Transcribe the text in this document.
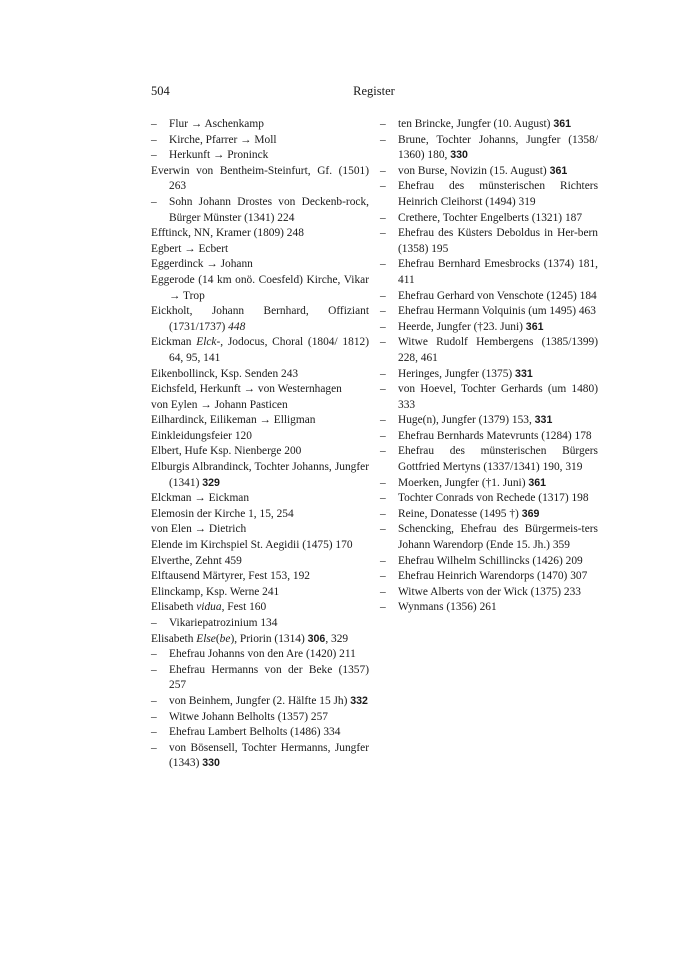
504	Register

– Flur → Aschenkamp

– Kirche, Pfarrer → Moll

– Herkunft → Proninck

Everwin von Bentheim-Steinfurt, Gf. (1501) 263

– Sohn Johann Drostes von Deckenb-rock, Bürger Münster (1341) 224

Efftinck, NN, Kramer (1809) 248

Egbert → Ecbert

Eggerdinck → Johann

Eggerode (14 km onö. Coesfeld) Kirche, Vikar → Trop

Eickholt, Johann Bernhard, Offiziant (1731/1737) 448

Eickman Elck-, Jodocus, Choral (1804/ 1812) 64, 95, 141

Eikenbollinck, Ksp. Senden 243

Eichsfeld, Herkunft → von Westernhagen

von Eylen → Johann Pasticen

Eilhardinck, Eilikeman → Elligman

Einkleidungsfeier 120

Elbert, Hufe Ksp. Nienberge 200

Elburgis Albrandinck, Tochter Johanns, Jungfer (1341) 329

Elckman → Eickman

Elemosin der Kirche 1, 15, 254

von Elen → Dietrich

Elende im Kirchspiel St. Aegidii (1475) 170

Elverthe, Zehnt 459

Elftausend Märtyrer, Fest 153, 192

Elinckamp, Ksp. Werne 241

Elisabeth vidua, Fest 160

– Vikariepatrozinium 134

Elisabeth Else(be), Priorin (1314) 306, 329

– Ehefrau Johanns von den Are (1420) 211

– Ehefrau Hermanns von der Beke (1357) 257

– von Beinhem, Jungfer (2. Hälfte 15 Jh) 332

– Witwe Johann Belholts (1357) 257

– Ehefrau Lambert Belholts (1486) 334

– von Bösensell, Tochter Hermanns, Jungfer (1343) 330

– ten Brincke, Jungfer (10. August) 361

– Brune, Tochter Johanns, Jungfer (1358/ 1360) 180, 330

– von Burse, Novizin (15. August) 361

– Ehefrau des münsterischen Richters Heinrich Cleihorst (1494) 319

– Crethere, Tochter Engelberts (1321) 187

– Ehefrau des Küsters Deboldus in Her-bern (1358) 195

– Ehefrau Bernhard Emesbrocks (1374) 181, 411

– Ehefrau Gerhard von Venschote (1245) 184

– Ehefrau Hermann Volquinis (um 1495) 463

– Heerde, Jungfer (†23. Juni) 361

– Witwe Rudolf Hembergens (1385/1399) 228, 461

– Heringes, Jungfer (1375) 331

– von Hoevel, Tochter Gerhards (um 1480) 333

– Huge(n), Jungfer (1379) 153, 331

– Ehefrau Bernhards Matevrunts (1284) 178

– Ehefrau des münsterischen Bürgers Gottfried Mertyns (1337/1341) 190, 319

– Moerken, Jungfer (†1. Juni) 361

– Tochter Conrads von Rechede (1317) 198

– Reine, Donatesse (1495 †) 369

– Schencking, Ehefrau des Bürgermeis-ters Johann Warendorp (Ende 15. Jh.) 359

– Ehefrau Wilhelm Schillincks (1426) 209

– Ehefrau Heinrich Warendorps (1470) 307

– Witwe Alberts von der Wick (1375) 233

– Wynmans (1356) 261
